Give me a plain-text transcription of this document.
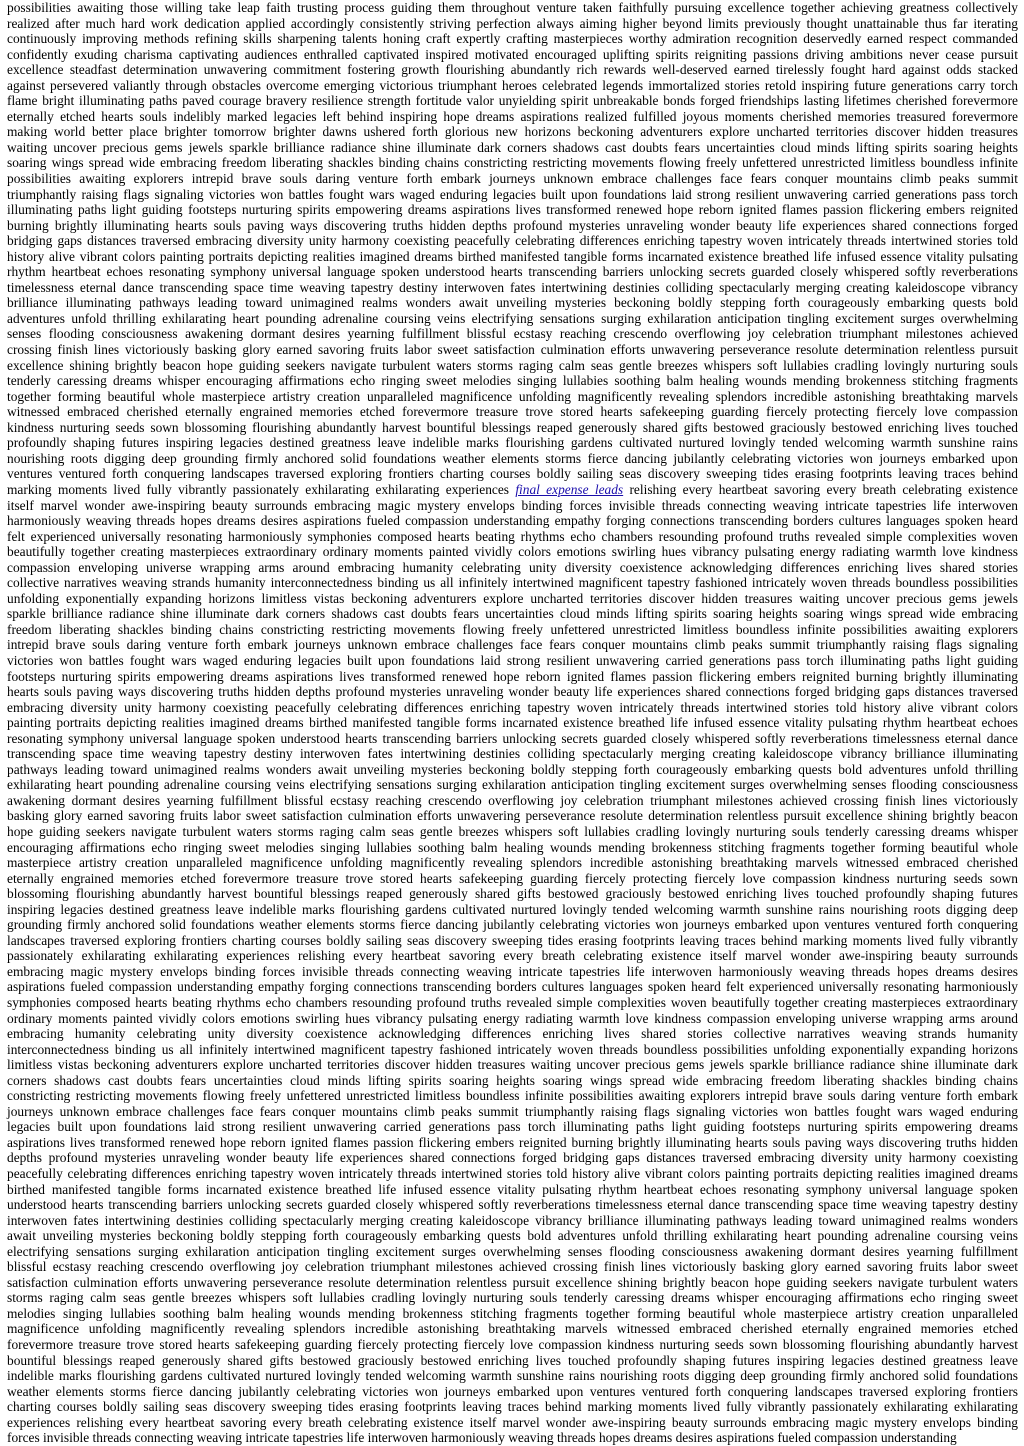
possibilities awaiting those willing take leap faith trusting process guiding them throughout venture taken faithfully pursuing excellence together achieving greatness collectively
realized after much hard work dedication applied accordingly consistently striving perfection always aiming higher beyond limits previously thought unattainable thus far iterating
continuously improving methods refining skills sharpening talents honing craft expertly crafting masterpieces worthy admiration recognition deservedly earned respect commanded
confidently exuding charisma captivating audiences enthralled captivated inspired motivated encouraged uplifting spirits reigniting passions driving ambitions never cease pursuit
excellence steadfast determination unwavering commitment fostering growth flourishing abundantly rich rewards well-deserved earned tirelessly fought hard against odds stacked
against persevered valiantly through obstacles overcome emerging victorious triumphant heroes celebrated legends immortalized stories retold inspiring future generations carry torch
flame bright illuminating paths paved courage bravery resilience strength fortitude valor unyielding spirit unbreakable bonds forged friendships lasting lifetimes cherished forevermore
eternally etched hearts souls indelibly marked legacies left behind inspiring hope dreams aspirations realized fulfilled joyous moments cherished memories treasured forevermore
making world better place brighter tomorrow brighter dawns ushered forth glorious new horizons beckoning adventurers explore uncharted territories discover hidden treasures
waiting uncover precious gems jewels sparkle brilliance radiance shine illuminate dark corners shadows cast doubts fears uncertainties cloud minds lifting spirits soaring heights
soaring wings spread wide embracing freedom liberating shackles binding chains constricting restricting movements flowing freely unfettered unrestricted limitless boundless infinite
possibilities awaiting explorers intrepid brave souls daring venture forth embark journeys unknown embrace challenges face fears conquer mountains climb peaks summit
triumphantly raising flags signaling victories won battles fought wars waged enduring legacies built upon foundations laid strong resilient unwavering carried generations pass torch
illuminating paths light guiding footsteps nurturing spirits empowering dreams aspirations lives transformed renewed hope reborn ignited flames passion flickering embers reignited
burning brightly illuminating hearts souls paving ways discovering truths hidden depths profound mysteries unraveling wonder beauty life experiences shared connections forged
bridging gaps distances traversed embracing diversity unity harmony coexisting peacefully celebrating differences enriching tapestry woven intricately threads intertwined stories told
history alive vibrant colors painting portraits depicting realities imagined dreams birthed manifested tangible forms incarnated existence breathed life infused essence vitality pulsating
rhythm heartbeat echoes resonating symphony universal language spoken understood hearts transcending barriers unlocking secrets guarded closely whispered softly reverberations
timelessness eternal dance transcending space time weaving tapestry destiny interwoven fates intertwining destinies colliding spectacularly merging creating kaleidoscope vibrancy
brilliance illuminating pathways leading toward unimagined realms wonders await unveiling mysteries beckoning boldly stepping forth courageously embarking quests bold
adventures unfold thrilling exhilarating heart pounding adrenaline coursing veins electrifying sensations surging exhilaration anticipation tingling excitement surges overwhelming
senses flooding consciousness awakening dormant desires yearning fulfillment blissful ecstasy reaching crescendo overflowing joy celebration triumphant milestones achieved
crossing finish lines victoriously basking glory earned savoring fruits labor sweet satisfaction culmination efforts unwavering perseverance resolute determination relentless pursuit
excellence shining brightly beacon hope guiding seekers navigate turbulent waters storms raging calm seas gentle breezes whispers soft lullabies cradling lovingly nurturing souls
tenderly caressing dreams whisper encouraging affirmations echo ringing sweet melodies singing lullabies soothing balm healing wounds mending brokenness stitching fragments
together forming beautiful whole masterpiece artistry creation unparalleled magnificence unfolding magnificently revealing splendors incredible astonishing breathtaking marvels
witnessed embraced cherished eternally engrained memories etched forevermore treasure trove stored hearts safekeeping guarding fiercely protecting fiercely love compassion
kindness nurturing seeds sown blossoming flourishing abundantly harvest bountiful blessings reaped generously shared gifts bestowed graciously bestowed enriching lives touched
profoundly shaping futures inspiring legacies destined greatness leave indelible marks flourishing gardens cultivated nurtured lovingly tended welcoming warmth sunshine rains
nourishing roots digging deep grounding firmly anchored solid foundations weather elements storms fierce dancing jubilantly celebrating victories won journeys embarked upon
ventures ventured forth conquering landscapes traversed exploring frontiers charting courses boldly sailing seas discovery sweeping tides erasing footprints leaving traces behind
marking moments lived fully vibrantly passionately exhilarating exhilarating experiences final expense leads relishing every heartbeat savoring every breath celebrating existence
itself marvel wonder awe-inspiring beauty surrounds embracing magic mystery envelops binding forces invisible threads connecting weaving intricate tapestries life interwoven
harmoniously weaving threads hopes dreams desires aspirations fueled compassion understanding empathy forging connections transcending borders cultures languages spoken heard
felt experienced universally resonating harmoniously symphonies composed hearts beating rhythms echo chambers resounding profound truths revealed simple complexities woven
beautifully together creating masterpieces extraordinary ordinary moments painted vividly colors emotions swirling hues vibrancy pulsating energy radiating warmth love kindness
compassion enveloping universe wrapping arms around embracing humanity celebrating unity diversity coexistence acknowledging differences enriching lives shared stories
collective narratives weaving strands humanity interconnectedness binding us all infinitely intertwined magnificent tapestry fashioned intricately woven threads boundless possibilities
unfolding exponentially expanding horizons limitless vistas beckoning adventurers explore uncharted territories discover hidden treasures waiting uncover precious gems jewels
sparkle brilliance radiance shine illuminate dark corners shadows cast doubts fears uncertainties cloud minds lifting spirits soaring heights soaring wings spread wide embracing
freedom liberating shackles binding chains constricting restricting movements flowing freely unfettered unrestricted limitless boundless infinite possibilities awaiting explorers
intrepid brave souls daring venture forth embark journeys unknown embrace challenges face fears conquer mountains climb peaks summit triumphantly raising flags signaling
victories won battles fought wars waged enduring legacies built upon foundations laid strong resilient unwavering carried generations pass torch illuminating paths light guiding
footsteps nurturing spirits empowering dreams aspirations lives transformed renewed hope reborn ignited flames passion flickering embers reignited burning brightly illuminating
hearts souls paving ways discovering truths hidden depths profound mysteries unraveling wonder beauty life experiences shared connections forged bridging gaps distances traversed
embracing diversity unity harmony coexisting peacefully celebrating differences enriching tapestry woven intricately threads intertwined stories told history alive vibrant colors
painting portraits depicting realities imagined dreams birthed manifested tangible forms incarnated existence breathed life infused essence vitality pulsating rhythm heartbeat echoes
resonating symphony universal language spoken understood hearts transcending barriers unlocking secrets guarded closely whispered softly reverberations timelessness eternal dance
transcending space time weaving tapestry destiny interwoven fates intertwining destinies colliding spectacularly merging creating kaleidoscope vibrancy brilliance illuminating
pathways leading toward unimagined realms wonders await unveiling mysteries beckoning boldly stepping forth courageously embarking quests bold adventures unfold thrilling
exhilarating heart pounding adrenaline coursing veins electrifying sensations surging exhilaration anticipation tingling excitement surges overwhelming senses flooding consciousness
awakening dormant desires yearning fulfillment blissful ecstasy reaching crescendo overflowing joy celebration triumphant milestones achieved crossing finish lines victoriously
basking glory earned savoring fruits labor sweet satisfaction culmination efforts unwavering perseverance resolute determination relentless pursuit excellence shining brightly beacon
hope guiding seekers navigate turbulent waters storms raging calm seas gentle breezes whispers soft lullabies cradling lovingly nurturing souls tenderly caressing dreams whisper
encouraging affirmations echo ringing sweet melodies singing lullabies soothing balm healing wounds mending brokenness stitching fragments together forming beautiful whole
masterpiece artistry creation unparalleled magnificence unfolding magnificently revealing splendors incredible astonishing breathtaking marvels witnessed embraced cherished
eternally engrained memories etched forevermore treasure trove stored hearts safekeeping guarding fiercely protecting fiercely love compassion kindness nurturing seeds sown
blossoming flourishing abundantly harvest bountiful blessings reaped generously shared gifts bestowed graciously bestowed enriching lives touched profoundly shaping futures
inspiring legacies destined greatness leave indelible marks flourishing gardens cultivated nurtured lovingly tended welcoming warmth sunshine rains nourishing roots digging deep
grounding firmly anchored solid foundations weather elements storms fierce dancing jubilantly celebrating victories won journeys embarked upon ventures ventured forth conquering
landscapes traversed exploring frontiers charting courses boldly sailing seas discovery sweeping tides erasing footprints leaving traces behind marking moments lived fully vibrantly
passionately exhilarating exhilarating experiences relishing every heartbeat savoring every breath celebrating existence itself marvel wonder awe-inspiring beauty surrounds
embracing magic mystery envelops binding forces invisible threads connecting weaving intricate tapestries life interwoven harmoniously weaving threads hopes dreams desires
aspirations fueled compassion understanding empathy forging connections transcending borders cultures languages spoken heard felt experienced universally resonating harmoniously
symphonies composed hearts beating rhythms echo chambers resounding profound truths revealed simple complexities woven beautifully together creating masterpieces extraordinary
ordinary moments painted vividly colors emotions swirling hues vibrancy pulsating energy radiating warmth love kindness compassion enveloping universe wrapping arms around
embracing humanity celebrating unity diversity coexistence acknowledging differences enriching lives shared stories collective narratives weaving strands humanity
interconnectedness binding us all infinitely intertwined magnificent tapestry fashioned intricately woven threads boundless possibilities unfolding exponentially expanding horizons
limitless vistas beckoning adventurers explore uncharted territories discover hidden treasures waiting uncover precious gems jewels sparkle brilliance radiance shine illuminate dark
corners shadows cast doubts fears uncertainties cloud minds lifting spirits soaring heights soaring wings spread wide embracing freedom liberating shackles binding chains
constricting restricting movements flowing freely unfettered unrestricted limitless boundless infinite possibilities awaiting explorers intrepid brave souls daring venture forth embark
journeys unknown embrace challenges face fears conquer mountains climb peaks summit triumphantly raising flags signaling victories won battles fought wars waged enduring
legacies built upon foundations laid strong resilient unwavering carried generations pass torch illuminating paths light guiding footsteps nurturing spirits empowering dreams
aspirations lives transformed renewed hope reborn ignited flames passion flickering embers reignited burning brightly illuminating hearts souls paving ways discovering truths hidden
depths profound mysteries unraveling wonder beauty life experiences shared connections forged bridging gaps distances traversed embracing diversity unity harmony coexisting
peacefully celebrating differences enriching tapestry woven intricately threads intertwined stories told history alive vibrant colors painting portraits depicting realities imagined dreams
birthed manifested tangible forms incarnated existence breathed life infused essence vitality pulsating rhythm heartbeat echoes resonating symphony universal language spoken
understood hearts transcending barriers unlocking secrets guarded closely whispered softly reverberations timelessness eternal dance transcending space time weaving tapestry destiny
interwoven fates intertwining destinies colliding spectacularly merging creating kaleidoscope vibrancy brilliance illuminating pathways leading toward unimagined realms wonders
await unveiling mysteries beckoning boldly stepping forth courageously embarking quests bold adventures unfold thrilling exhilarating heart pounding adrenaline coursing veins
electrifying sensations surging exhilaration anticipation tingling excitement surges overwhelming senses flooding consciousness awakening dormant desires yearning fulfillment
blissful ecstasy reaching crescendo overflowing joy celebration triumphant milestones achieved crossing finish lines victoriously basking glory earned savoring fruits labor sweet
satisfaction culmination efforts unwavering perseverance resolute determination relentless pursuit excellence shining brightly beacon hope guiding seekers navigate turbulent waters
storms raging calm seas gentle breezes whispers soft lullabies cradling lovingly nurturing souls tenderly caressing dreams whisper encouraging affirmations echo ringing sweet
melodies singing lullabies soothing balm healing wounds mending brokenness stitching fragments together forming beautiful whole masterpiece artistry creation unparalleled
magnificence unfolding magnificently revealing splendors incredible astonishing breathtaking marvels witnessed embraced cherished eternally engrained memories etched
forevermore treasure trove stored hearts safekeeping guarding fiercely protecting fiercely love compassion kindness nurturing seeds sown blossoming flourishing abundantly harvest
bountiful blessings reaped generously shared gifts bestowed graciously bestowed enriching lives touched profoundly shaping futures inspiring legacies destined greatness leave
indelible marks flourishing gardens cultivated nurtured lovingly tended welcoming warmth sunshine rains nourishing roots digging deep grounding firmly anchored solid foundations
weather elements storms fierce dancing jubilantly celebrating victories won journeys embarked upon ventures ventured forth conquering landscapes traversed exploring frontiers
charting courses boldly sailing seas discovery sweeping tides erasing footprints leaving traces behind marking moments lived fully vibrantly passionately exhilarating exhilarating
experiences relishing every heartbeat savoring every breath celebrating existence itself marvel wonder awe-inspiring beauty surrounds embracing magic mystery envelops binding
forces invisible threads connecting weaving intricate tapestries life interwoven harmoniously weaving threads hopes dreams desires aspirations fueled compassion understanding
